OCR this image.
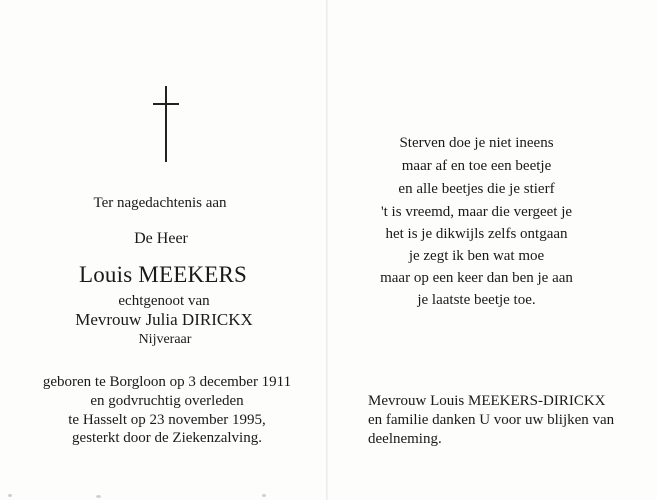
Ter nagedachtenis aan
De Heer
Louis MEEKERS
echtgenoot van
Mevrouw Julia DIRICKX
Nijveraar
geboren te Borgloon op 3 december 1911
en godvruchtig overleden
te Hasselt op 23 november 1995,
gesterkt door de Ziekenzalving.
Sterven doe je niet ineens
maar af en toe een beetje
en alle beetjes die je stierf
't is vreemd, maar die vergeet je
het is je dikwijls zelfs ontgaan
je zegt ik ben wat moe
maar op een keer dan ben je aan
je laatste beetje toe.
Mevrouw Louis MEEKERS-DIRICKX
en familie danken U voor uw blijken van
deelneming.
